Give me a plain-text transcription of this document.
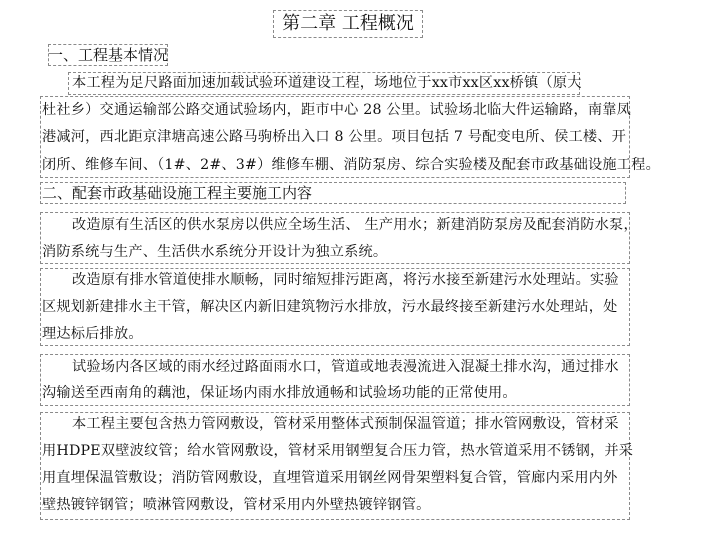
第二章 工程概况
一、工程基本情况
本工程为足尺路面加速加载试验环道建设工程，场地位于xx市xx区xx桥镇（原大
杜社乡）交通运输部公路交通试验场内，距市中心 28 公里。试验场北临大件运输路，南靠凤
港减河，西北距京津塘高速公路马驹桥出入口 8 公里。项目包括 7 号配变电所、侯工楼、开
闭所、维修车间、（1#、2#、3#）维修车棚、消防泵房、综合实验楼及配套市政基础设施工程。
二、配套市政基础设施工程主要施工内容
改造原有生活区的供水泵房以供应全场生活、 生产用水；新建消防泵房及配套消防水泵，
消防系统与生产、生活供水系统分开设计为独立系统。
改造原有排水管道使排水顺畅，同时缩短排污距离，将污水接至新建污水处理站。实验
区规划新建排水主干管，解决区内新旧建筑物污水排放，污水最终接至新建污水处理站，处
理达标后排放。
试验场内各区域的雨水经过路面雨水口，管道或地表漫流进入混凝土排水沟，通过排水
沟输送至西南角的藕池，保证场内雨水排放通畅和试验场功能的正常使用。
本工程主要包含热力管网敷设，管材采用整体式预制保温管道；排水管网敷设，管材采
用HDPE双壁波纹管；给水管网敷设，管材采用钢塑复合压力管，热水管道采用不锈钢，并采
用直埋保温管敷设；消防管网敷设，直埋管道采用钢丝网骨架塑料复合管，管廊内采用内外
壁热镀锌钢管；喷淋管网敷设，管材采用内外壁热镀锌钢管。
